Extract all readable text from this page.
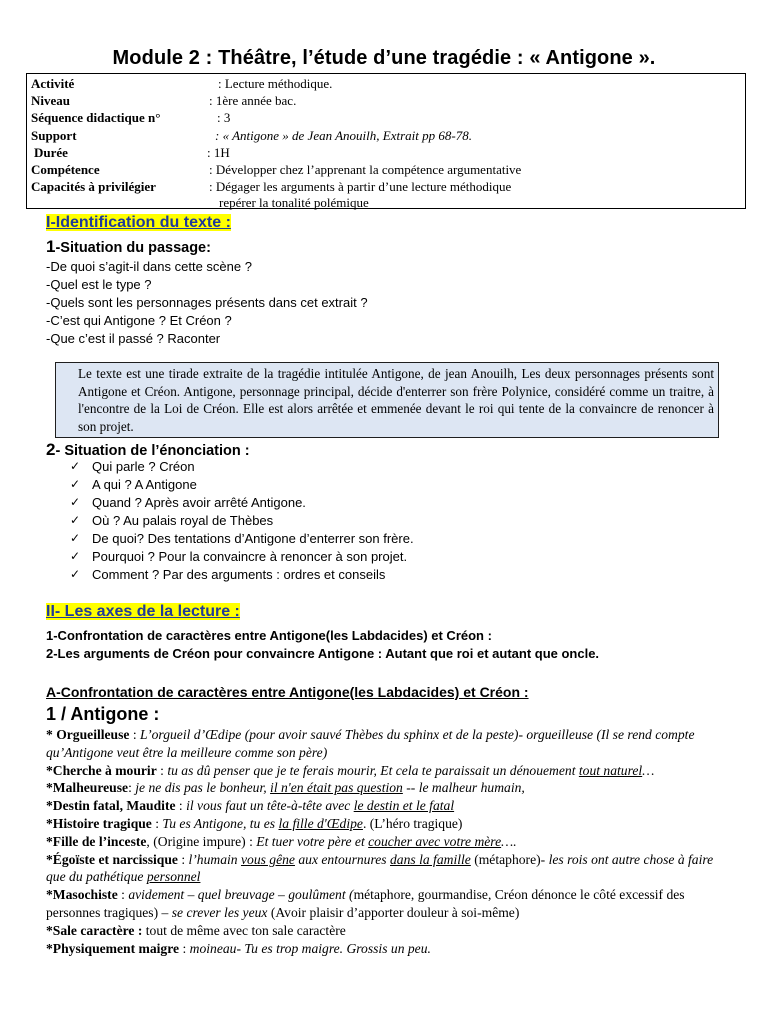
Module 2 : Théâtre, l’étude d’une tragédie : « Antigone ».
Activité	: Lecture méthodique.
Niveau	: 1ère année bac.
Séquence didactique n°	: 3
Support	: « Antigone » de Jean Anouilh, Extrait pp 68-78.
Durée	: 1H
Compétence	: Développer chez l’apprenant la compétence argumentative
Capacités à privilégier	: Dégager les arguments à partir d’une lecture méthodique
repérer la tonalité polémique
I-Identification du texte :
1-Situation du passage:
-De quoi s’agit-il dans cette scène ?
-Quel est le type ?
-Quels sont les personnages présents dans cet extrait ?
-C’est qui Antigone ? Et Créon ?
-Que c’est il passé ? Raconter
Le texte est une tirade extraite de la tragédie intitulée Antigone, de jean Anouilh, Les deux personnages présents sont Antigone et Créon. Antigone, personnage principal, décide d'enterrer son frère Polynice, considéré comme un traitre, à l'encontre de la Loi de Créon. Elle est alors arrêtée et emmenée devant le roi qui tente de la convaincre de renoncer à son projet.
2- Situation de l’énonciation :
✓ Qui parle ? Créon
✓ A qui ? A Antigone
✓ Quand ? Après avoir arrêté Antigone.
✓ Où ? Au palais royal de Thèbes
✓ De quoi? Des tentations d’Antigone d’enterrer son frère.
✓ Pourquoi ? Pour la convaincre à renoncer à son projet.
✓ Comment ? Par des arguments : ordres et conseils
II- Les axes de la lecture :
1-Confrontation de caractères entre Antigone(les Labdacides) et Créon :
2-Les arguments de Créon pour convaincre Antigone : Autant que roi et autant que oncle.
A-Confrontation de caractères entre Antigone(les Labdacides) et Créon :
1 / Antigone :
* Orgueilleuse : L’orgueil d’Œdipe (pour avoir sauvé Thèbes du sphinx et de la peste)- orgueilleuse (Il se rend compte qu’Antigone veut être la meilleure comme son père)
*Cherche à mourir : tu as dû penser que je te ferais mourir, Et cela te paraissait un dénouement tout naturel…
*Malheureuse: je ne dis pas le bonheur, il n'en était pas question -- le malheur humain,
*Destin fatal, Maudite : il vous faut un tête-à-tête avec le destin et le fatal
*Histoire tragique : Tu es Antigone, tu es la fille d'Œdipe. (L’héro tragique)
*Fille de l’inceste, (Origine impure) : Et tuer votre père et coucher avec votre mère….
*Égoïste et narcissique : l’humain vous gêne aux entournures dans la famille (métaphore)- les rois ont autre chose à faire que du pathétique personnel
*Masochiste : avidement – quel breuvage – goulûment (métaphore, gourmandise, Créon dénonce le côté excessif des personnes tragiques) – se crever les yeux (Avoir plaisir d’apporter douleur à soi-même)
*Sale caractère : tout de même avec ton sale caractère
*Physiquement maigre : moineau- Tu es trop maigre. Grossis un peu.
